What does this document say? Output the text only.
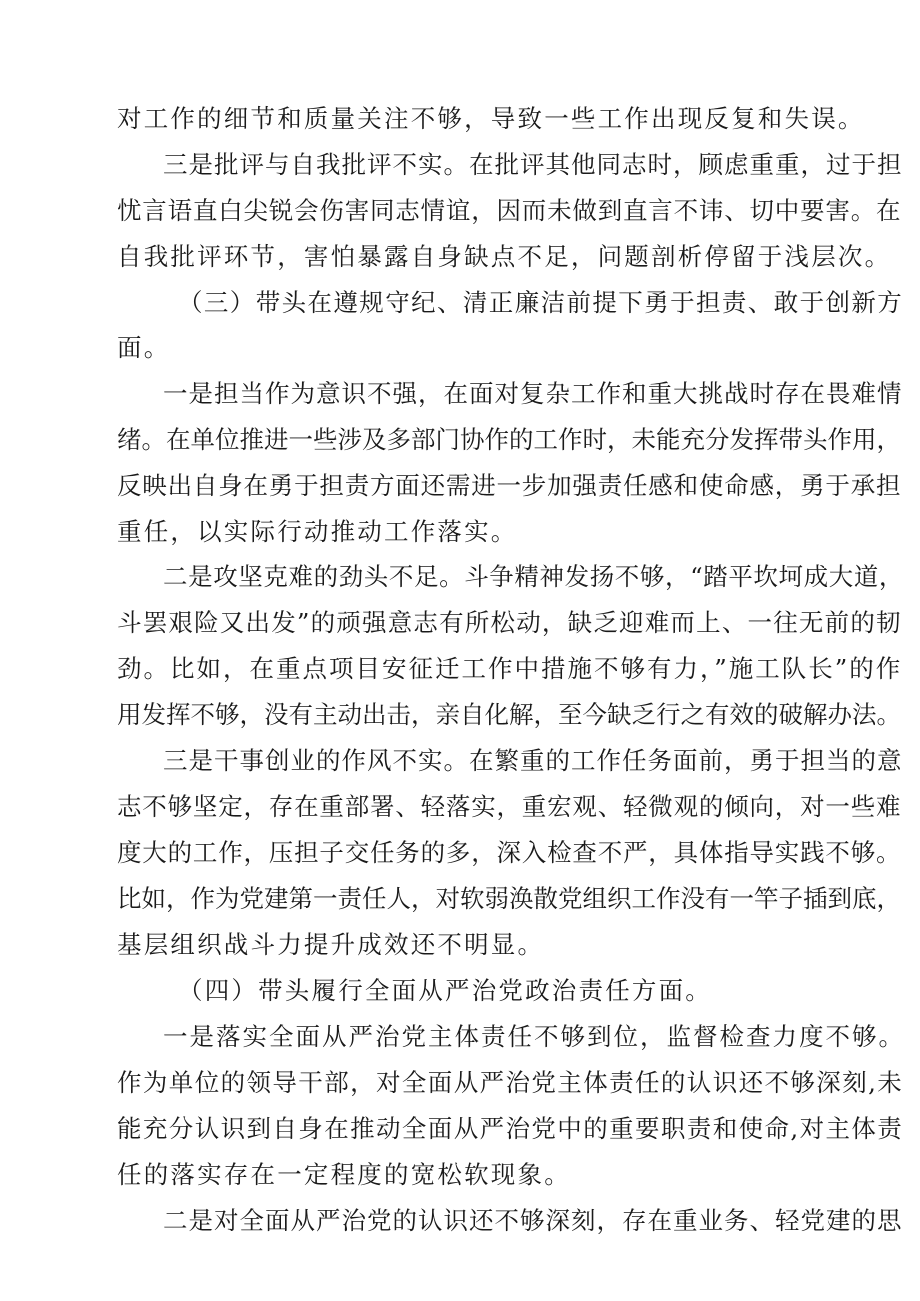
对工作的细节和质量关注不够，导致一些工作出现反复和失误。
三是批评与自我批评不实。在批评其他同志时，顾虑重重，过于担
忧言语直白尖锐会伤害同志情谊，因而未做到直言不讳、切中要害。在
自我批评环节，害怕暴露自身缺点不足，问题剖析停留于浅层次。
（三）带头在遵规守纪、清正廉洁前提下勇于担责、敢于创新方
面。
一是担当作为意识不强，在面对复杂工作和重大挑战时存在畏难情
绪。在单位推进一些涉及多部门协作的工作时，未能充分发挥带头作用，
反映出自身在勇于担责方面还需进一步加强责任感和使命感，勇于承担
重任，以实际行动推动工作落实。
二是攻坚克难的劲头不足。斗争精神发扬不够，“踏平坎坷成大道，
斗罢艰险又出发”的顽强意志有所松动，缺乏迎难而上、一往无前的韧
劲。比如，在重点项目安征迁工作中措施不够有力，”施工队长”的作
用发挥不够，没有主动出击，亲自化解，至今缺乏行之有效的破解办法。
三是干事创业的作风不实。在繁重的工作任务面前，勇于担当的意
志不够坚定，存在重部署、轻落实，重宏观、轻微观的倾向，对一些难
度大的工作，压担子交任务的多，深入检查不严，具体指导实践不够。
比如，作为党建第一责任人，对软弱涣散党组织工作没有一竿子插到底，
基层组织战斗力提升成效还不明显。
（四）带头履行全面从严治党政治责任方面。
一是落实全面从严治党主体责任不够到位，监督检查力度不够。
作为单位的领导干部，对全面从严治党主体责任的认识还不够深刻,未
能充分认识到自身在推动全面从严治党中的重要职责和使命,对主体责
任的落实存在一定程度的宽松软现象。
二是对全面从严治党的认识还不够深刻，存在重业务、轻党建的思
